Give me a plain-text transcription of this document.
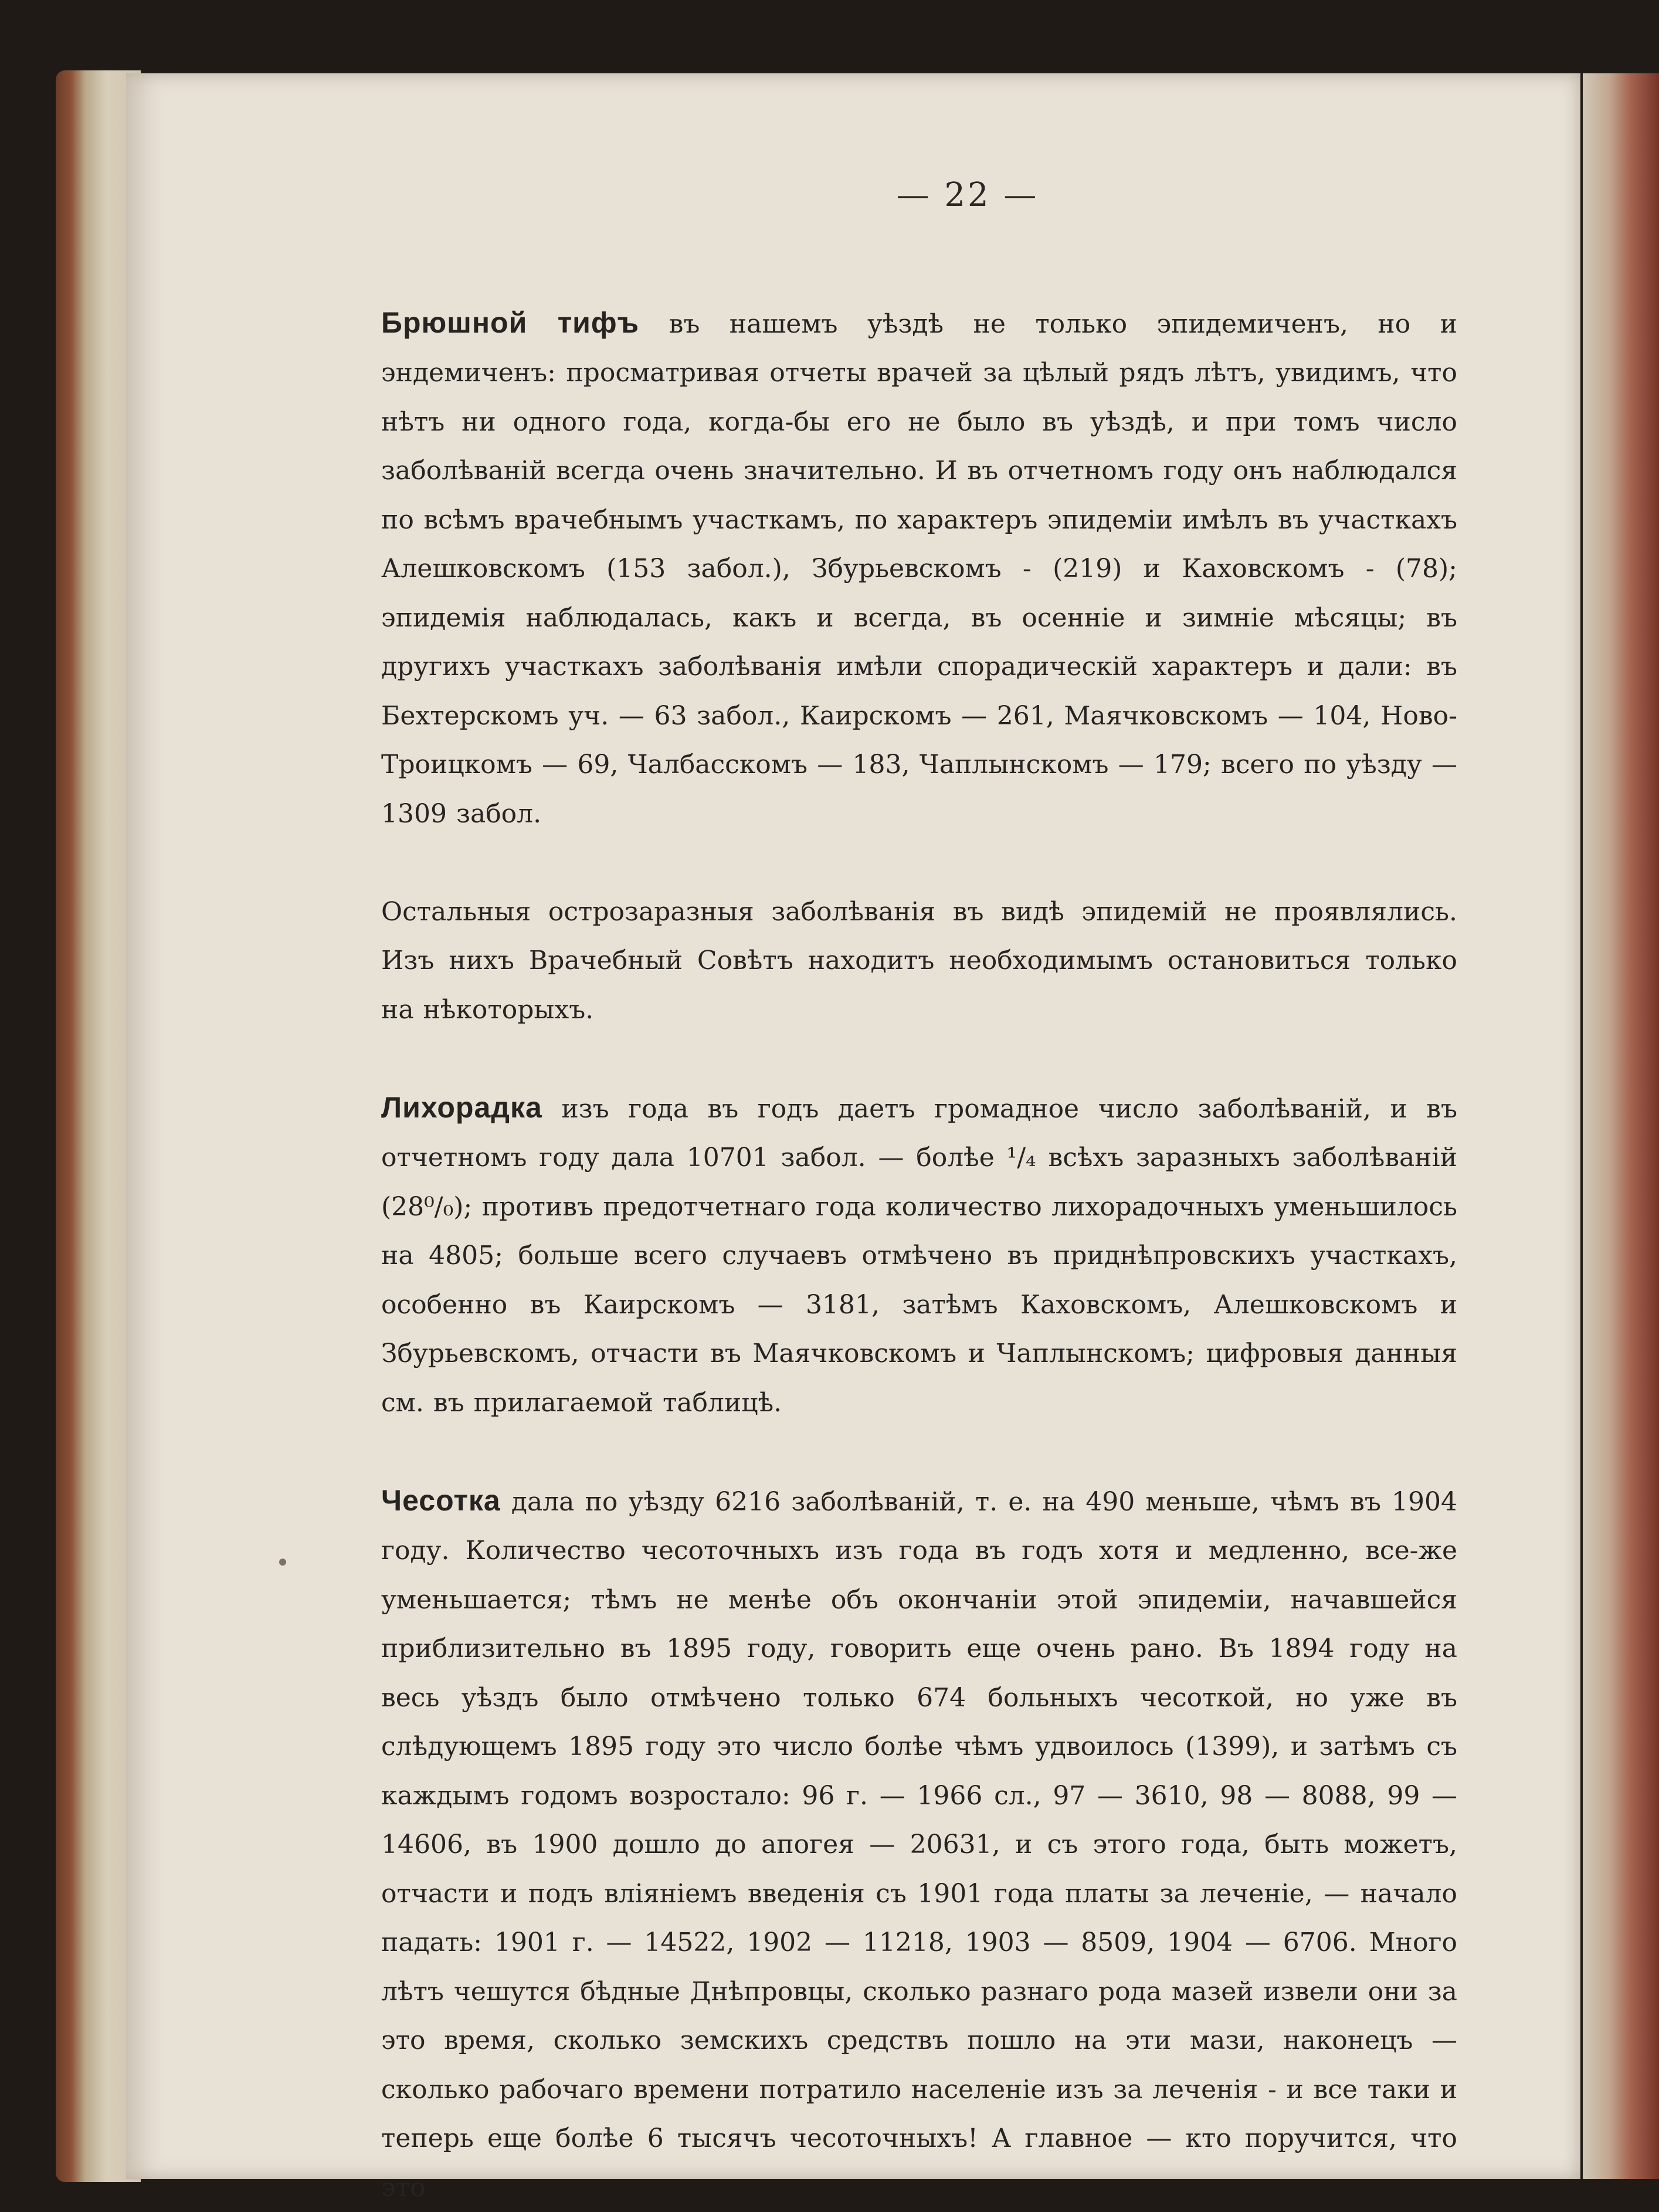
— 22 —

Брюшной тифъ въ нашемъ уѣздѣ не только эпидемиченъ, но и эндемиченъ: просматривая отчеты врачей за цѣлый рядъ лѣтъ, увидимъ, что нѣтъ ни одного года, когда-бы его не было въ уѣздѣ, и при томъ число заболѣваній всегда очень значительно. И въ отчетномъ году онъ наблюдался по всѣмъ врачебнымъ участкамъ, по характеръ эпидеміи имѣлъ въ участкахъ Алешковскомъ (153 забол.), Збурьевскомъ - (219) и Каховскомъ - (78); эпидемія наблюдалась, какъ и всегда, въ осенніе и зимніе мѣсяцы; въ другихъ участкахъ заболѣванія имѣли спорадическій характеръ и дали: въ Бехтерскомъ уч. — 63 забол., Каирскомъ — 261, Маячковскомъ — 104, Ново-Троицкомъ — 69, Чалбасскомъ — 183, Чаплынскомъ — 179; всего по уѣзду — 1309 забол.

Остальныя острозаразныя заболѣванія въ видѣ эпидемій не проявлялись. Изъ нихъ Врачебный Совѣтъ находитъ необходимымъ остановиться только на нѣкоторыхъ.

Лихорадка изъ года въ годъ даетъ громадное число заболѣваній, и въ отчетномъ году дала 10701 забол. — болѣе ¹/₄ всѣхъ заразныхъ заболѣваній (28⁰/₀); противъ предотчетнаго года количество лихорадочныхъ уменьшилось на 4805; больше всего случаевъ отмѣчено въ приднѣпровскихъ участкахъ, особенно въ Каирскомъ — 3181, затѣмъ Каховскомъ, Алешковскомъ и Збурьевскомъ, отчасти въ Маячковскомъ и Чаплынскомъ; цифровыя данныя см. въ прилагаемой таблицѣ.

Чесотка дала по уѣзду 6216 заболѣваній, т. е. на 490 меньше, чѣмъ въ 1904 году. Количество чесоточныхъ изъ года въ годъ хотя и медленно, все-же уменьшается; тѣмъ не менѣе объ окончаніи этой эпидеміи, начавшейся приблизительно въ 1895 году, говорить еще очень рано. Въ 1894 году на весь уѣздъ было отмѣчено только 674 больныхъ чесоткой, но уже въ слѣдующемъ 1895 году это число болѣе чѣмъ удвоилось (1399), и затѣмъ съ каждымъ годомъ возростало: 96 г. — 1966 сл., 97 — 3610, 98 — 8088, 99 — 14606, въ 1900 дошло до апогея — 20631, и съ этого года, быть можетъ, отчасти и подъ вліяніемъ введенія съ 1901 года платы за леченіе, — начало падать: 1901 г. — 14522, 1902 — 11218, 1903 — 8509, 1904 — 6706. Много лѣтъ чешутся бѣдные Днѣпровцы, сколько разнаго рода мазей извели они за это время, сколько земскихъ средствъ пошло на эти мази, наконецъ — сколько рабочаго времени потратило населеніе изъ за леченія - и все таки и теперь еще болѣе 6 тысячъ чесоточныхъ! А главное — кто поручится, что это
